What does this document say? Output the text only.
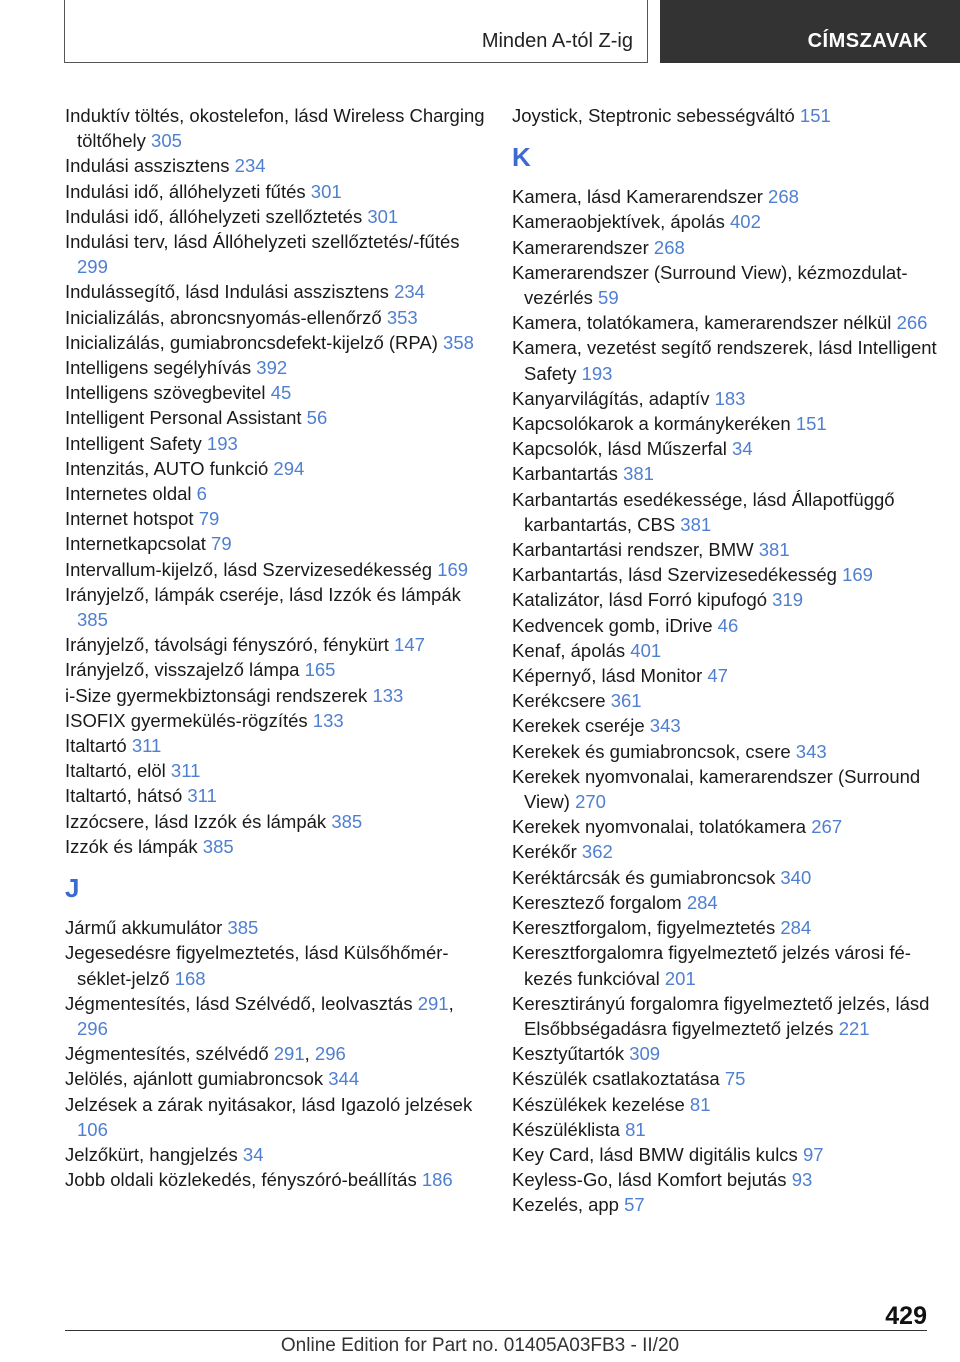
Minden A-tól Z-ig	CÍMSZAVAK
Induktív töltés, okostelefon, lásd Wireless Charging töltőhely 305
Indulási asszisztens 234
Indulási idő, állóhelyzeti fűtés 301
Indulási idő, állóhelyzeti szellőztetés 301
Indulási terv, lásd Állóhelyzeti szellőztetés/-fűtés 299
Indulássegítő, lásd Indulási asszisztens 234
Inicializálás, abroncsnyomás-ellenőrző 353
Inicializálás, gumiabroncsdefekt-kijelző (RPA) 358
Intelligens segélyhívás 392
Intelligens szövegbevitel 45
Intelligent Personal Assistant 56
Intelligent Safety 193
Intenzitás, AUTO funkció 294
Internetes oldal 6
Internet hotspot 79
Internetkapcsolat 79
Intervallum-kijelző, lásd Szervizesedékesség 169
Irányjelző, lámpák cseréje, lásd Izzók és lámpák 385
Irányjelző, távolsági fényszóró, fénykürt 147
Irányjelző, visszajelző lámpa 165
i-Size gyermekbiztonsági rendszerek 133
ISOFIX gyermekülés-rögzítés 133
Italtartó 311
Italtartó, elöl 311
Italtartó, hátsó 311
Izzócsere, lásd Izzók és lámpák 385
Izzók és lámpák 385
J
Jármű akkumulátor 385
Jegesedésre figyelmeztetés, lásd Külsőhőmérséklet-jelző 168
Jégmentesítés, lásd Szélvédő, leolvasztás 291, 296
Jégmentesítés, szélvédő 291, 296
Jelölés, ajánlott gumiabroncsok 344
Jelzések a zárak nyitásakor, lásd Igazoló jelzések 106
Jelzőkürt, hangjelzés 34
Jobb oldali közlekedés, fényszóró-beállítás 186
Joystick, Steptronic sebességváltó 151
K
Kamera, lásd Kamerarendszer 268
Kameraobjektívek, ápolás 402
Kamerarendszer 268
Kamerarendszer (Surround View), kézmozdulatvezérlés 59
Kamera, tolatókamera, kamerarendszer nélkül 266
Kamera, vezetést segítő rendszerek, lásd Intelligent Safety 193
Kanyarvilágítás, adaptív 183
Kapcsolókarok a kormánykeréken 151
Kapcsolók, lásd Műszerfal 34
Karbantartás 381
Karbantartás esedékessége, lásd Állapotfüggő karbantartás, CBS 381
Karbantartási rendszer, BMW 381
Karbantartás, lásd Szervizesedékesség 169
Katalizátor, lásd Forró kipufogó 319
Kedvencek gomb, iDrive 46
Kenaf, ápolás 401
Képernyő, lásd Monitor 47
Kerékcsere 361
Kerekek cseréje 343
Kerekek és gumiabroncsok, csere 343
Kerekek nyomvonalai, kamerarendszer (Surround View) 270
Kerekek nyomvonalai, tolatókamera 267
Kerékőr 362
Keréktárcsák és gumiabroncsok 340
Keresztező forgalom 284
Keresztforgalom, figyelmeztetés 284
Keresztforgalomra figyelmeztető jelzés városi fékezés funkcióval 201
Keresztirányú forgalomra figyelmeztető jelzés, lásd Elsőbbségadásra figyelmeztető jelzés 221
Kesztyűtartók 309
Készülék csatlakoztatása 75
Készülékek kezelése 81
Készüléklista 81
Key Card, lásd BMW digitális kulcs 97
Keyless-Go, lásd Komfort bejutás 93
Kezelés, app 57
429
Online Edition for Part no. 01405A03FB3 - II/20
